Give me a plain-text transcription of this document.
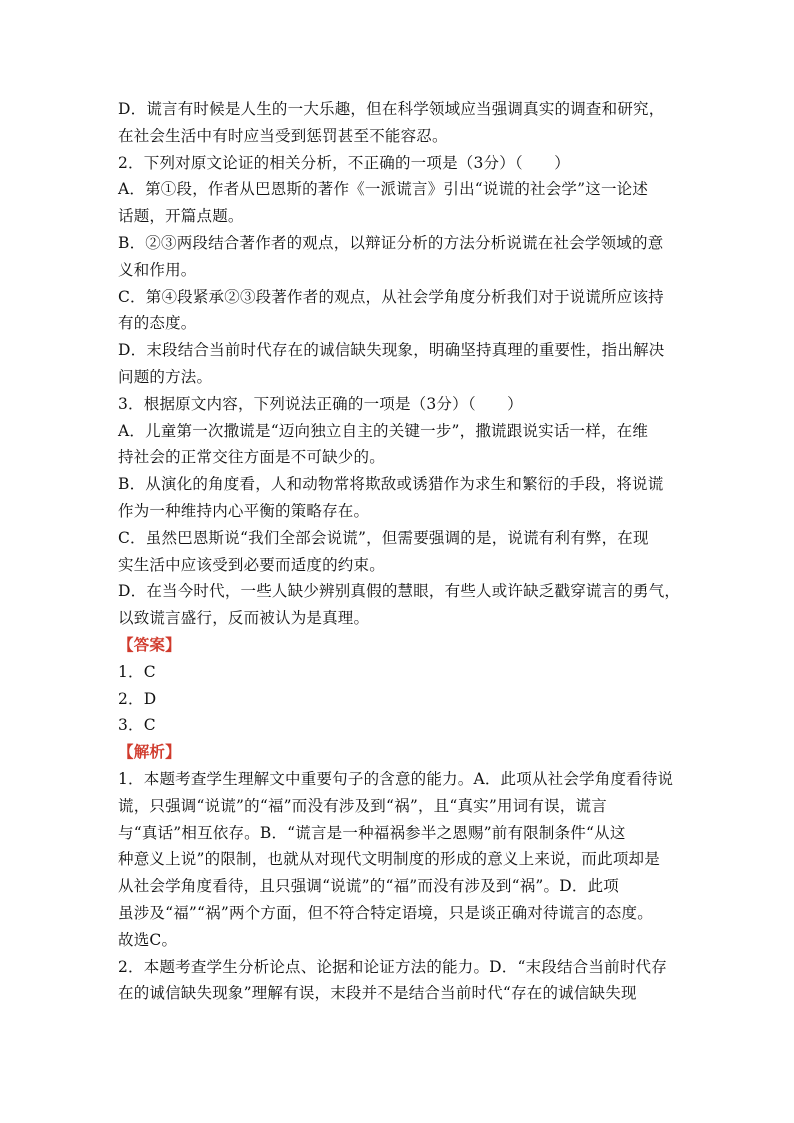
D．谎言有时候是人生的一大乐趣，但在科学领域应当强调真实的调查和研究，
在社会生活中有时应当受到惩罚甚至不能容忍。
2．下列对原文论证的相关分析，不正确的一项是（3分）（　　）
A．第①段，作者从巴恩斯的著作《一派谎言》引出“说谎的社会学”这一论述
话题，开篇点题。
B．②③两段结合著作者的观点，以辩证分析的方法分析说谎在社会学领域的意
义和作用。
C．第④段紧承②③段著作者的观点，从社会学角度分析我们对于说谎所应该持
有的态度。
D．末段结合当前时代存在的诚信缺失现象，明确坚持真理的重要性，指出解决
问题的方法。
3．根据原文内容，下列说法正确的一项是（3分）（　　）
A．儿童第一次撒谎是“迈向独立自主的关键一步”，撒谎跟说实话一样，在维
持社会的正常交往方面是不可缺少的。
B．从演化的角度看，人和动物常将欺敌或诱猎作为求生和繁衍的手段，将说谎
作为一种维持内心平衡的策略存在。
C．虽然巴恩斯说“我们全部会说谎”，但需要强调的是，说谎有利有弊，在现
实生活中应该受到必要而适度的约束。
D．在当今时代，一些人缺少辨别真假的慧眼，有些人或许缺乏戳穿谎言的勇气，
以致谎言盛行，反而被认为是真理。
【答案】
1．C
2．D
3．C
【解析】
1．本题考查学生理解文中重要句子的含意的能力。A．此项从社会学角度看待说
谎，只强调“说谎”的“福”而没有涉及到“祸”，且“真实”用词有误，谎言
与“真话”相互依存。B．“谎言是一种福祸参半之恩赐”前有限制条件“从这
种意义上说”的限制，也就从对现代文明制度的形成的意义上来说，而此项却是
从社会学角度看待，且只强调“说谎”的“福”而没有涉及到“祸”。D．此项
虽涉及“福”“祸”两个方面，但不符合特定语境，只是谈正确对待谎言的态度。
故选C。
2．本题考查学生分析论点、论据和论证方法的能力。D．“末段结合当前时代存
在的诚信缺失现象”理解有误，末段并不是结合当前时代“存在的诚信缺失现
